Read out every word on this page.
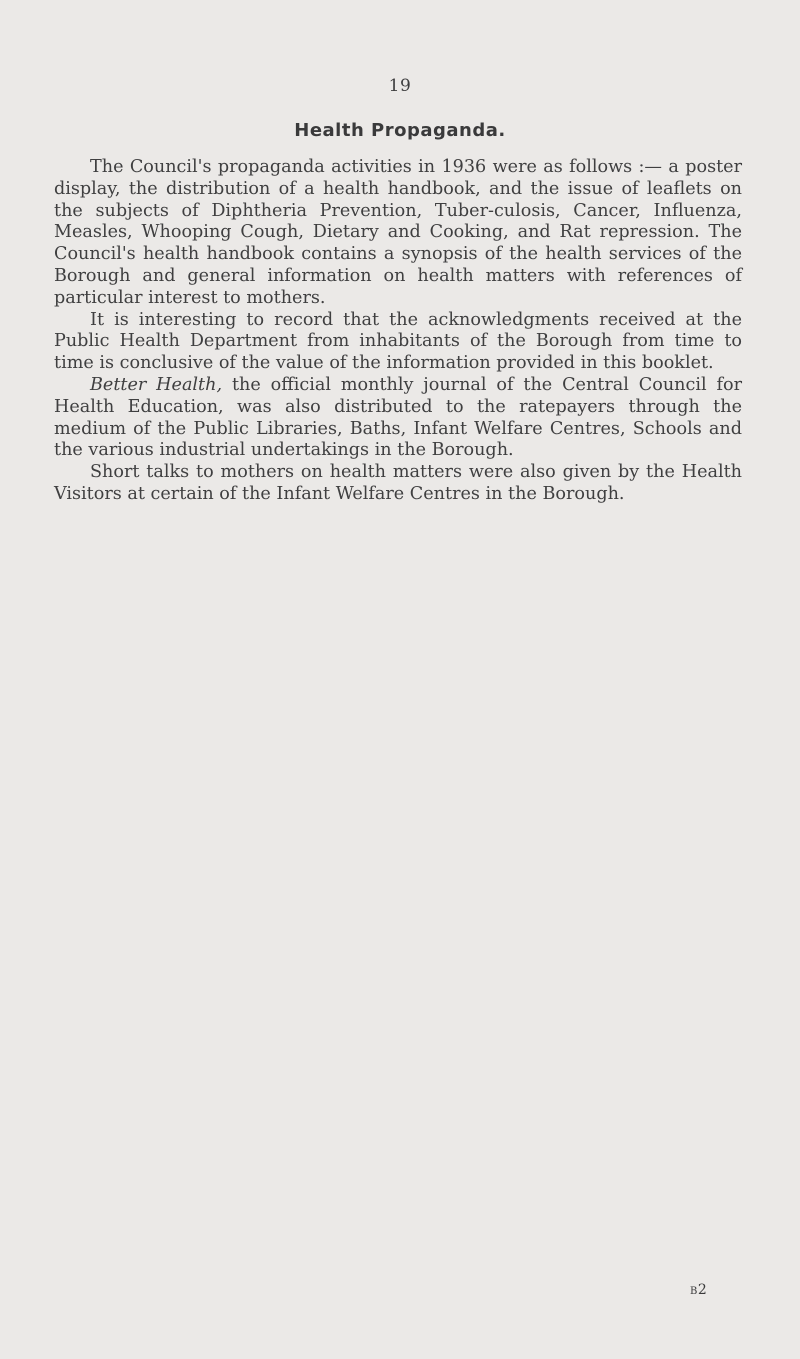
19
Health Propaganda.

The Council's propaganda activities in 1936 were as follows :— a poster display, the distribution of a health handbook, and the issue of leaflets on the subjects of Diphtheria Prevention, Tuber-culosis, Cancer, Influenza, Measles, Whooping Cough, Dietary and Cooking, and Rat repression. The Council's health handbook contains a synopsis of the health services of the Borough and general information on health matters with references of particular interest to mothers.

It is interesting to record that the acknowledgments received at the Public Health Department from inhabitants of the Borough from time to time is conclusive of the value of the information provided in this booklet.

Better Health, the official monthly journal of the Central Council for Health Education, was also distributed to the ratepayers through the medium of the Public Libraries, Baths, Infant Welfare Centres, Schools and the various industrial undertakings in the Borough.

Short talks to mothers on health matters were also given by the Health Visitors at certain of the Infant Welfare Centres in the Borough.

b2
